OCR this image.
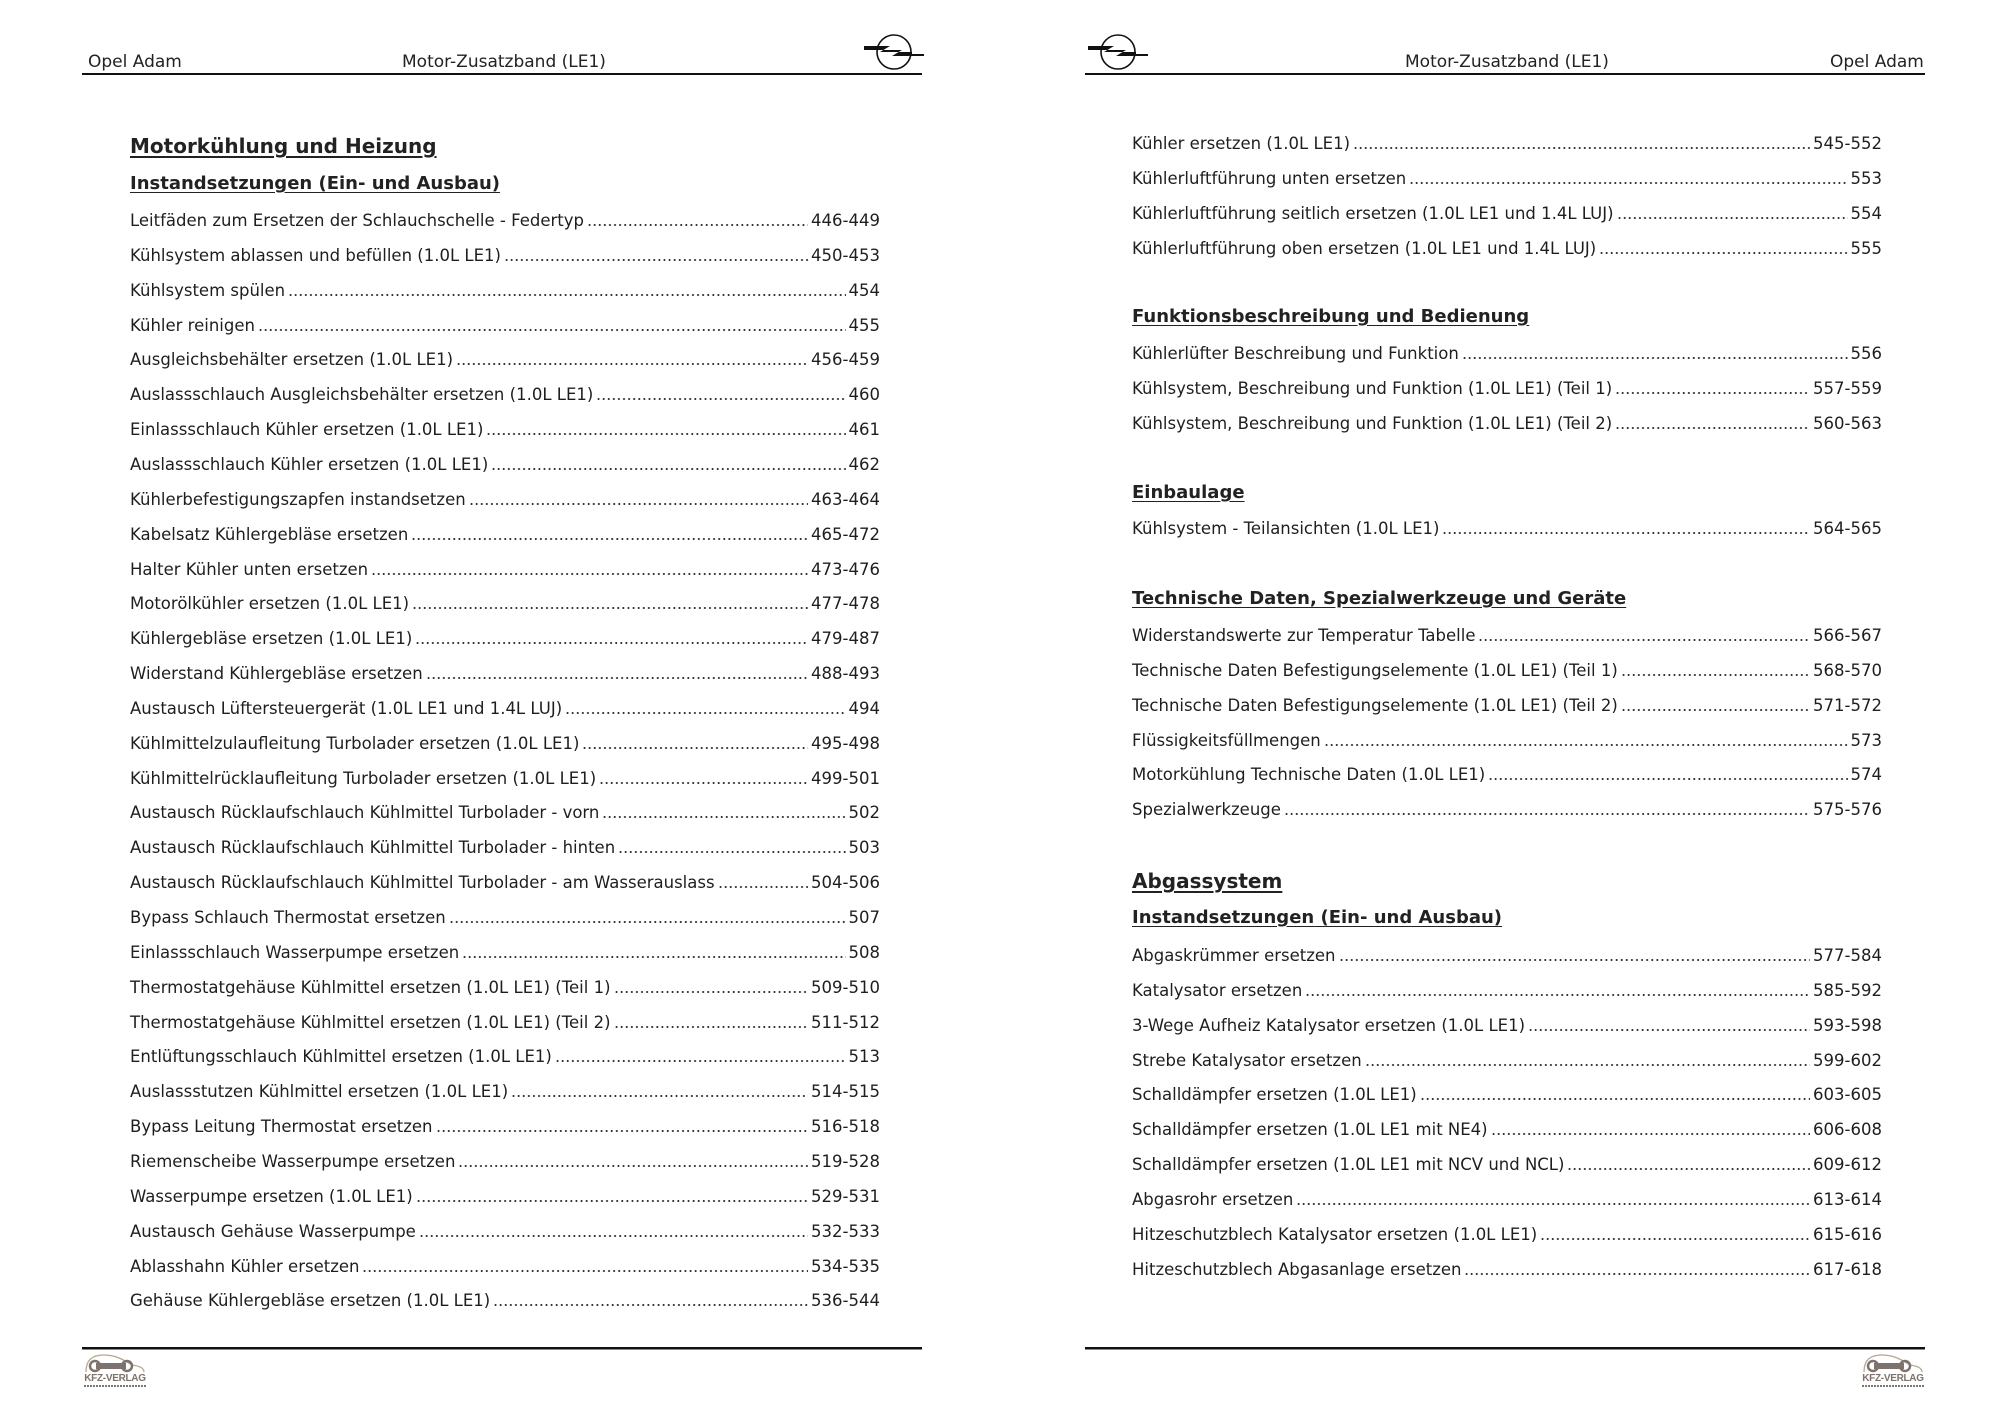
Opel Adam	Motor-Zusatzband (LE1)
Motorkühlung und Heizung
Instandsetzungen (Ein- und Ausbau)
Leitfäden zum Ersetzen der Schlauchschelle - Federtyp	446-449
Kühlsystem ablassen und befüllen (1.0L LE1)	450-453
Kühlsystem spülen	454
Kühler reinigen	455
Ausgleichsbehälter ersetzen (1.0L LE1)	456-459
Auslassschlauch Ausgleichsbehälter ersetzen (1.0L LE1)	460
Einlassschlauch Kühler ersetzen (1.0L LE1)	461
Auslassschlauch Kühler ersetzen (1.0L LE1)	462
Kühlerbefestigungszapfen instandsetzen	463-464
Kabelsatz Kühlergebläse ersetzen	465-472
Halter Kühler unten ersetzen	473-476
Motorölkühler ersetzen (1.0L LE1)	477-478
Kühlergebläse ersetzen (1.0L LE1)	479-487
Widerstand Kühlergebläse ersetzen	488-493
Austausch Lüftersteuergerät (1.0L LE1 und 1.4L LUJ)	494
Kühlmittelzulaufleitung Turbolader ersetzen (1.0L LE1)	495-498
Kühlmittelrücklaufleitung Turbolader ersetzen (1.0L LE1)	499-501
Austausch Rücklaufschlauch Kühlmittel Turbolader - vorn	502
Austausch Rücklaufschlauch Kühlmittel Turbolader - hinten	503
Austausch Rücklaufschlauch Kühlmittel Turbolader - am Wasserauslass	504-506
Bypass Schlauch Thermostat ersetzen	507
Einlassschlauch Wasserpumpe ersetzen	508
Thermostatgehäuse Kühlmittel ersetzen (1.0L LE1) (Teil 1)	509-510
Thermostatgehäuse Kühlmittel ersetzen (1.0L LE1) (Teil 2)	511-512
Entlüftungsschlauch Kühlmittel ersetzen (1.0L LE1)	513
Auslassstutzen Kühlmittel ersetzen (1.0L LE1)	514-515
Bypass Leitung Thermostat ersetzen	516-518
Riemenscheibe Wasserpumpe ersetzen	519-528
Wasserpumpe ersetzen (1.0L LE1)	529-531
Austausch Gehäuse Wasserpumpe	532-533
Ablasshahn Kühler ersetzen	534-535
Gehäuse Kühlergebläse ersetzen (1.0L LE1)	536-544
KFZ-VERLAG
Motor-Zusatzband (LE1)	Opel Adam
Kühler ersetzen (1.0L LE1)	545-552
Kühlerluftführung unten ersetzen	553
Kühlerluftführung seitlich ersetzen (1.0L LE1 und 1.4L LUJ)	554
Kühlerluftführung oben ersetzen (1.0L LE1 und 1.4L LUJ)	555
Funktionsbeschreibung und Bedienung
Kühlerlüfter Beschreibung und Funktion	556
Kühlsystem, Beschreibung und Funktion (1.0L LE1) (Teil 1)	557-559
Kühlsystem, Beschreibung und Funktion (1.0L LE1) (Teil 2)	560-563
Einbaulage
Kühlsystem - Teilansichten (1.0L LE1)	564-565
Technische Daten, Spezialwerkzeuge und Geräte
Widerstandswerte zur Temperatur Tabelle	566-567
Technische Daten Befestigungselemente (1.0L LE1) (Teil 1)	568-570
Technische Daten Befestigungselemente (1.0L LE1) (Teil 2)	571-572
Flüssigkeitsfüllmengen	573
Motorkühlung Technische Daten (1.0L LE1)	574
Spezialwerkzeuge	575-576
Abgassystem
Instandsetzungen (Ein- und Ausbau)
Abgaskrümmer ersetzen	577-584
Katalysator ersetzen	585-592
3-Wege Aufheiz Katalysator ersetzen (1.0L LE1)	593-598
Strebe Katalysator ersetzen	599-602
Schalldämpfer ersetzen (1.0L LE1)	603-605
Schalldämpfer ersetzen (1.0L LE1 mit NE4)	606-608
Schalldämpfer ersetzen (1.0L LE1 mit NCV und NCL)	609-612
Abgasrohr ersetzen	613-614
Hitzeschutzblech Katalysator ersetzen (1.0L LE1)	615-616
Hitzeschutzblech Abgasanlage ersetzen	617-618
KFZ-VERLAG
